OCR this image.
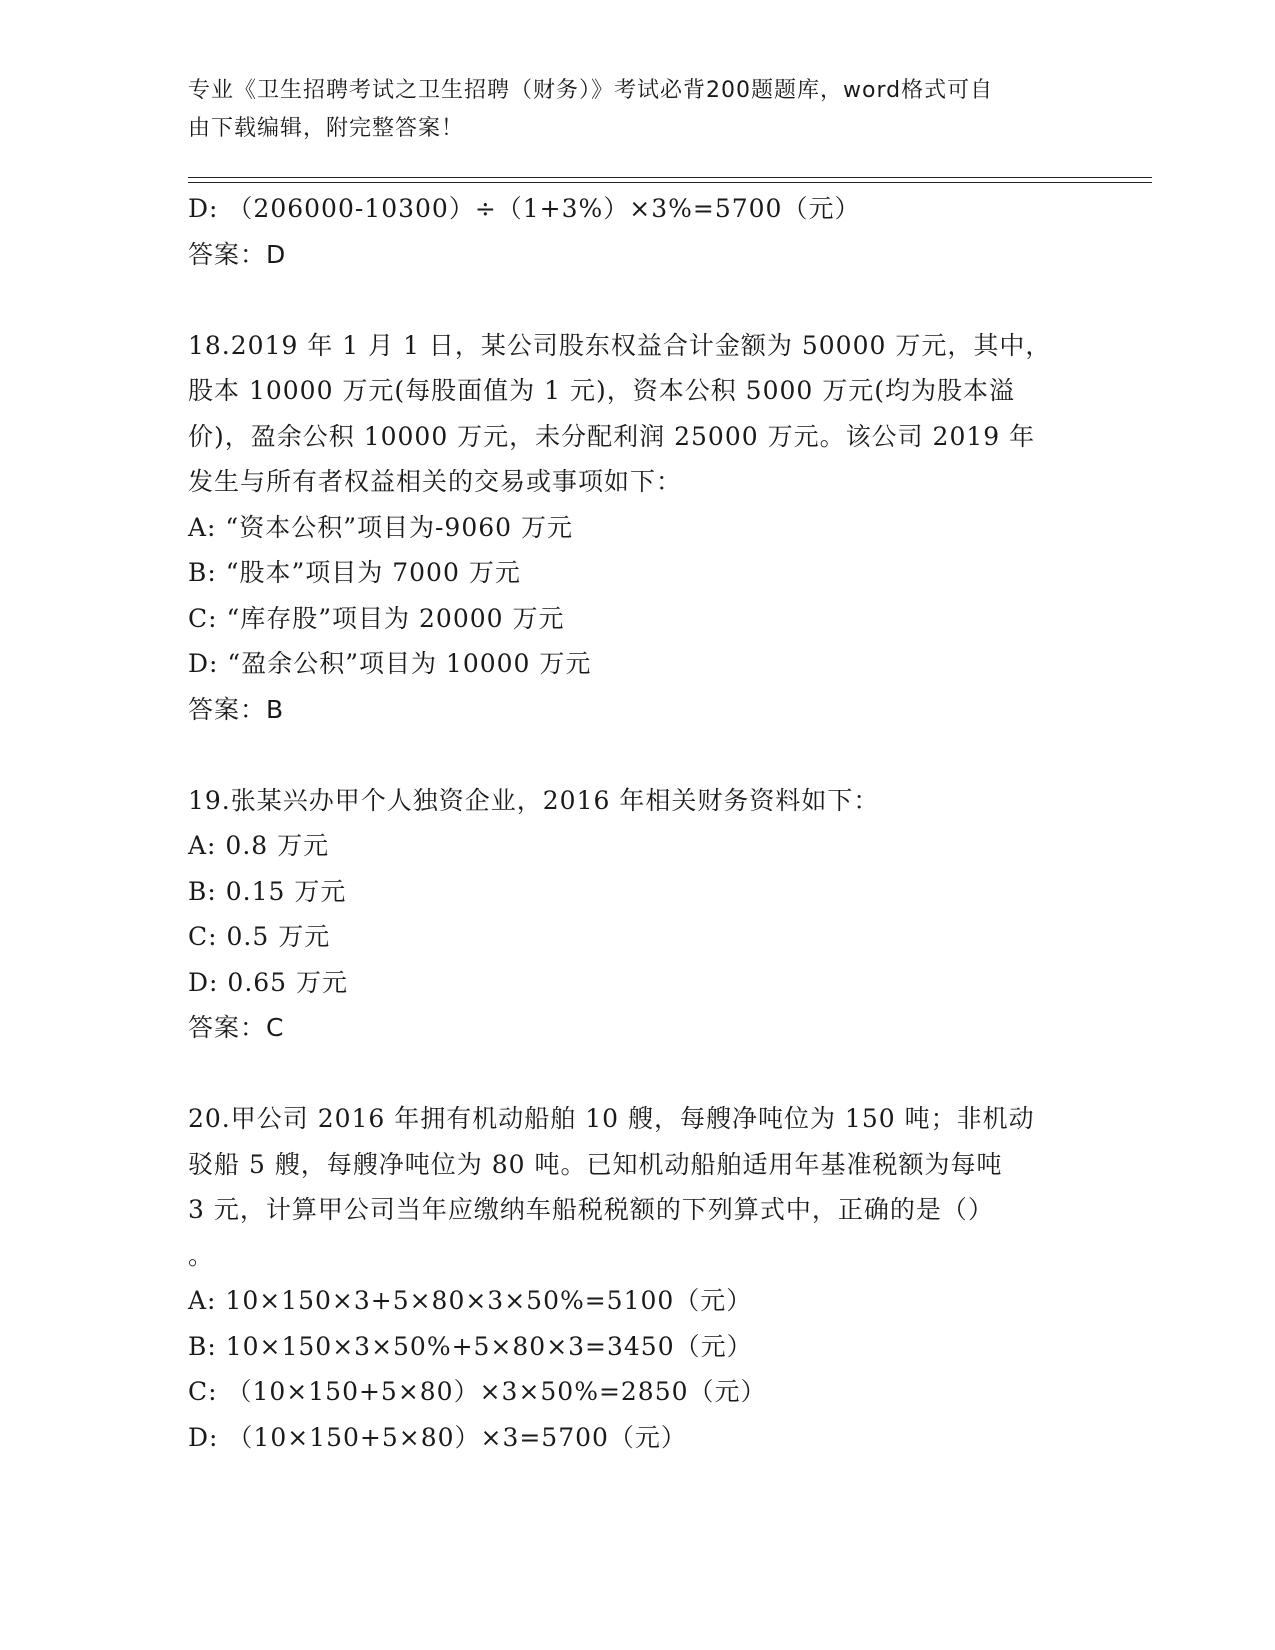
专业《卫生招聘考试之卫生招聘（财务）》考试必背200题题库，word格式可自
由下载编辑，附完整答案！
D: （206000-10300）÷（1+3%）×3%=5700（元）
答案：D
18.2019 年 1 月 1 日，某公司股东权益合计金额为 50000 万元，其中，
股本 10000 万元(每股面值为 1 元)，资本公积 5000 万元(均为股本溢
价)，盈余公积 10000 万元，未分配利润 25000 万元。该公司 2019 年
发生与所有者权益相关的交易或事项如下：
A: “资本公积”项目为-9060 万元
B: “股本”项目为 7000 万元
C: “库存股”项目为 20000 万元
D: “盈余公积”项目为 10000 万元
答案：B
19.张某兴办甲个人独资企业，2016 年相关财务资料如下：
A: 0.8 万元
B: 0.15 万元
C: 0.5 万元
D: 0.65 万元
答案：C
20.甲公司 2016 年拥有机动船舶 10 艘，每艘净吨位为 150 吨；非机动
驳船 5 艘，每艘净吨位为 80 吨。已知机动船舶适用年基准税额为每吨
3 元，计算甲公司当年应缴纳车船税税额的下列算式中，正确的是（）
。
A: 10×150×3+5×80×3×50%=5100（元）
B: 10×150×3×50%+5×80×3=3450（元）
C: （10×150+5×80）×3×50%=2850（元）
D: （10×150+5×80）×3=5700（元）
